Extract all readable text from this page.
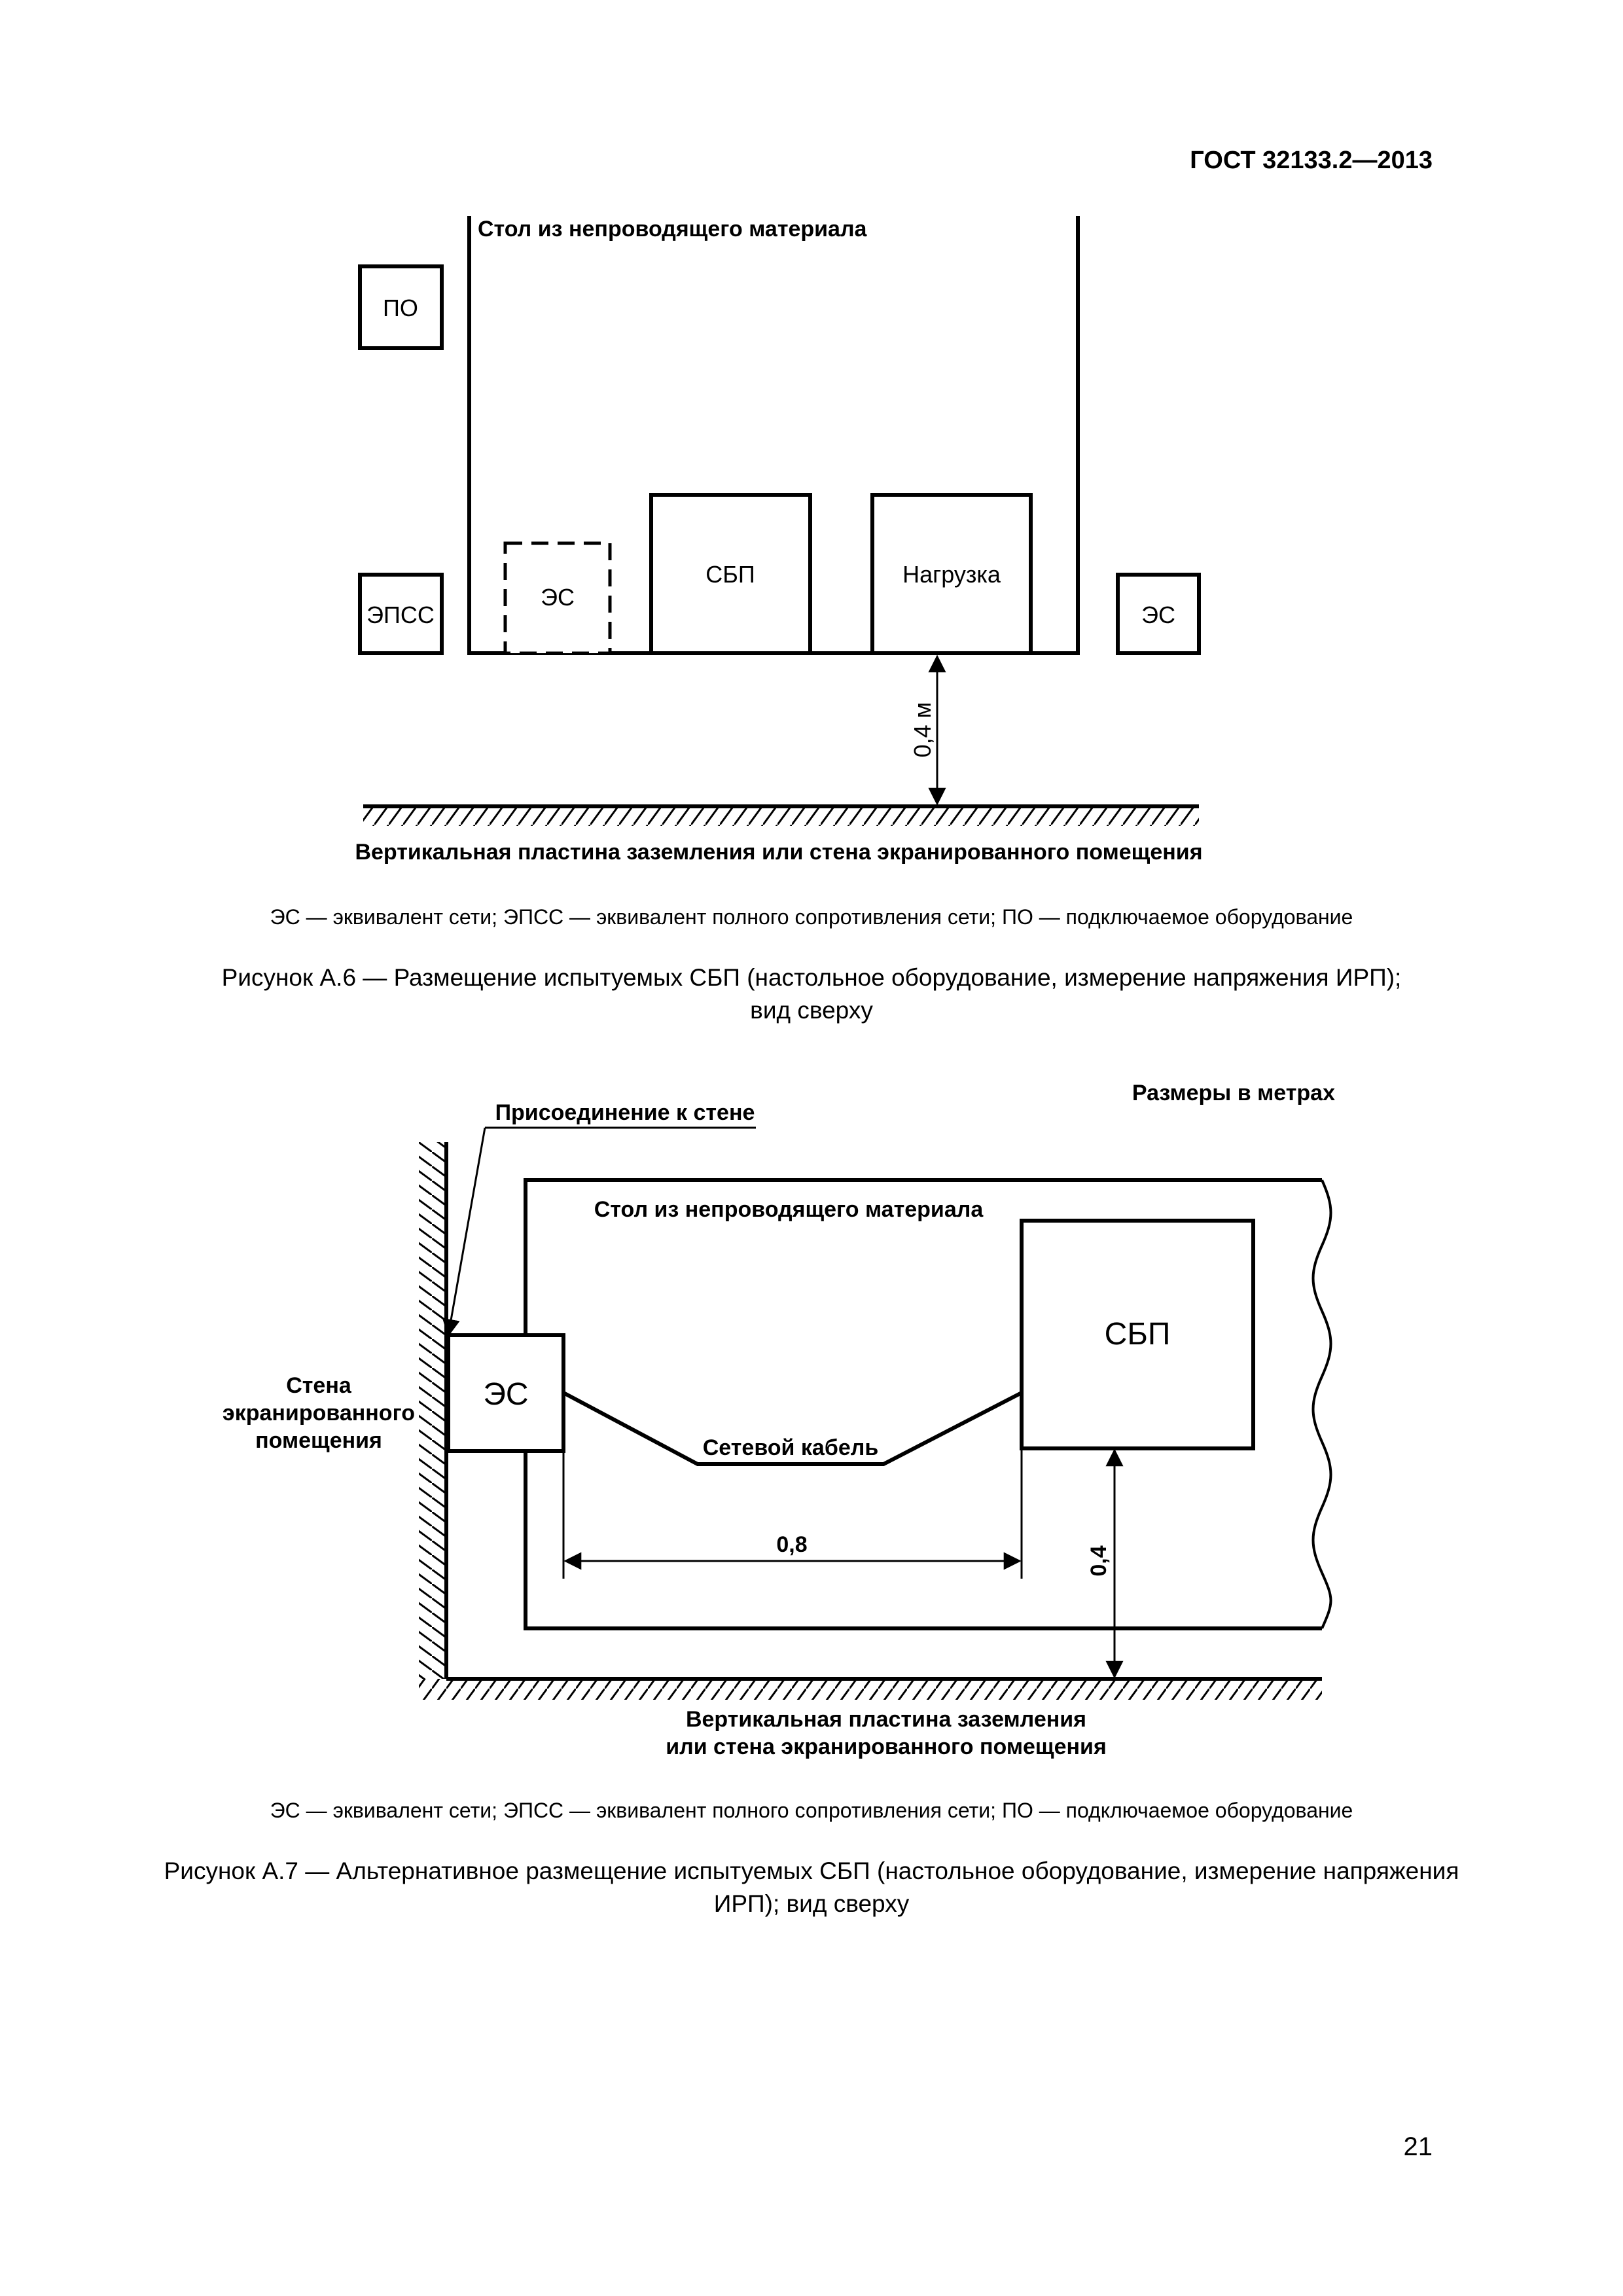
ГОСТ 32133.2—2013
Стол из непроводящего материала
ПО
ЭПСС
ЭС
СБП	Нагрузка
ЭС
0,4 м
Вертикальная пластина заземления или стена экранированного помещения
ЭС — эквивалент сети; ЭПСС — эквивалент полного сопротивления сети; ПО — подключаемое оборудование
Рисунок А.6 — Размещение испытуемых СБП (настольное оборудование, измерение напряжения ИРП);
вид сверху
Размеры в метрах
Стол из непроводящего материала
Присоединение к стене
Стена
экранированного
помещения
ЭС
СБП
Сетевой кабель
0,8
0,4
Вертикальная пластина заземления
или стена экранированного помещения
ЭС — эквивалент сети; ЭПСС — эквивалент полного сопротивления сети; ПО — подключаемое оборудование
Рисунок А.7 — Альтернативное размещение испытуемых СБП (настольное оборудование, измерение напряжения
ИРП); вид сверху
21
